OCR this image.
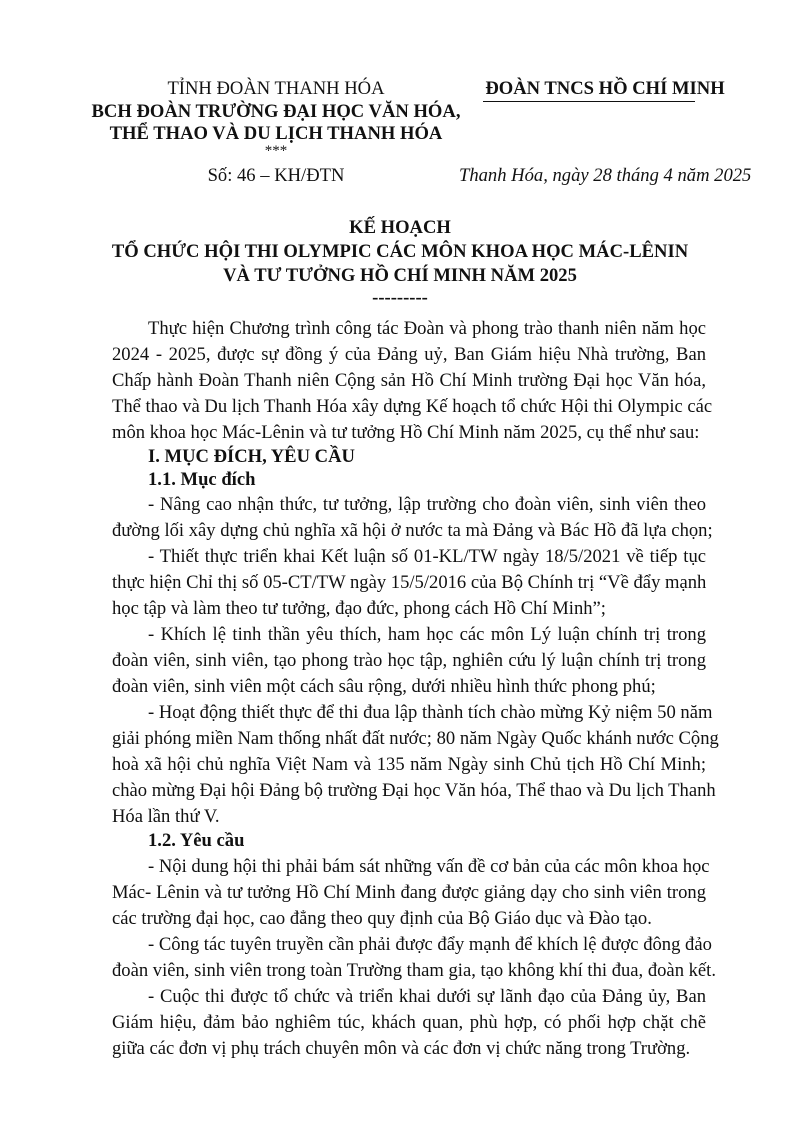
TỈNH ĐOÀN THANH HÓA
BCH ĐOÀN TRƯỜNG ĐẠI HỌC VĂN HÓA,
THỂ THAO VÀ DU LỊCH THANH HÓA
***
Số: 46 – KH/ĐTN
ĐOÀN TNCS HỒ CHÍ MINH
Thanh Hóa, ngày 28 tháng 4 năm 2025
KẾ HOẠCH
TỔ CHỨC HỘI THI OLYMPIC CÁC MÔN KHOA HỌC MÁC-LÊNIN
VÀ TƯ TƯỞNG HỒ CHÍ MINH NĂM 2025
---------
Thực hiện Chương trình công tác Đoàn và phong trào thanh niên năm học
2024 - 2025, được sự đồng ý của Đảng uỷ, Ban Giám hiệu Nhà trường, Ban
Chấp hành Đoàn Thanh niên Cộng sản Hồ Chí Minh trường Đại học Văn hóa,
Thể thao và Du lịch Thanh Hóa xây dựng Kế hoạch tổ chức Hội thi Olympic các
môn khoa học Mác-Lênin và tư tưởng Hồ Chí Minh năm 2025, cụ thể như sau:
I. MỤC ĐÍCH, YÊU CẦU
1.1. Mục đích
- Nâng cao nhận thức, tư tưởng, lập trường cho đoàn viên, sinh viên theo
đường lối xây dựng chủ nghĩa xã hội ở nước ta mà Đảng và Bác Hồ đã lựa chọn;
- Thiết thực triển khai Kết luận số 01-KL/TW ngày 18/5/2021 về tiếp tục
thực hiện Chỉ thị số 05-CT/TW ngày 15/5/2016 của Bộ Chính trị “Về đẩy mạnh
học tập và làm theo tư tưởng, đạo đức, phong cách Hồ Chí Minh”;
- Khích lệ tinh thần yêu thích, ham học các môn Lý luận chính trị trong
đoàn viên, sinh viên, tạo phong trào học tập, nghiên cứu lý luận chính trị trong
đoàn viên, sinh viên một cách sâu rộng, dưới nhiều hình thức phong phú;
- Hoạt động thiết thực để thi đua lập thành tích chào mừng Kỷ niệm 50 năm
giải phóng miền Nam thống nhất đất nước; 80 năm Ngày Quốc khánh nước Cộng
hoà xã hội chủ nghĩa Việt Nam và 135 năm Ngày sinh Chủ tịch Hồ Chí Minh;
chào mừng Đại hội Đảng bộ trường Đại học Văn hóa, Thể thao và Du lịch Thanh
Hóa lần thứ V.
1.2. Yêu cầu
- Nội dung hội thi phải bám sát những vấn đề cơ bản của các môn khoa học
Mác- Lênin và tư tưởng Hồ Chí Minh đang được giảng dạy cho sinh viên trong
các trường đại học, cao đẳng theo quy định của Bộ Giáo dục và Đào tạo.
- Công tác tuyên truyền cần phải được đẩy mạnh để khích lệ được đông đảo
đoàn viên, sinh viên trong toàn Trường tham gia, tạo không khí thi đua, đoàn kết.
- Cuộc thi được tổ chức và triển khai dưới sự lãnh đạo của Đảng ủy, Ban
Giám hiệu, đảm bảo nghiêm túc, khách quan, phù hợp, có phối hợp chặt chẽ
giữa các đơn vị phụ trách chuyên môn và các đơn vị chức năng trong Trường.
